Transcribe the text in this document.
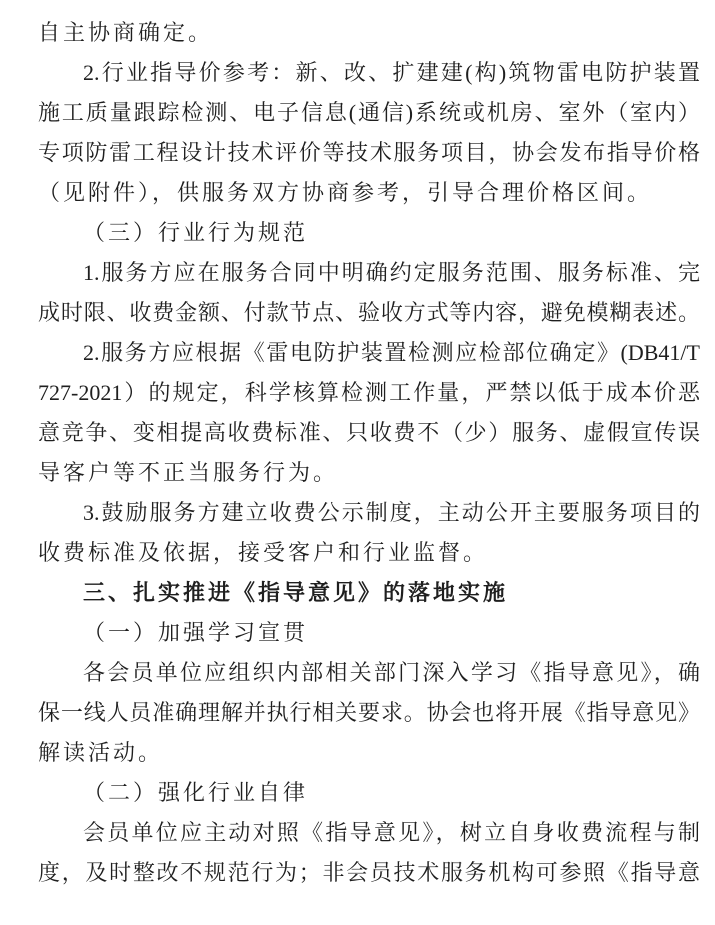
自主协商确定。

2.行业指导价参考：新、改、扩建建(构)筑物雷电防护装置

施工质量跟踪检测、电子信息(通信)系统或机房、室外（室内）

专项防雷工程设计技术评价等技术服务项目，协会发布指导价格

（见附件），供服务双方协商参考，引导合理价格区间。

（三）行业行为规范

1.服务方应在服务合同中明确约定服务范围、服务标准、完

成时限、收费金额、付款节点、验收方式等内容，避免模糊表述。

2.服务方应根据《雷电防护装置检测应检部位确定》(DB41/T

727-2021）的规定，科学核算检测工作量，严禁以低于成本价恶

意竞争、变相提高收费标准、只收费不（少）服务、虚假宣传误

导客户等不正当服务行为。

3.鼓励服务方建立收费公示制度，主动公开主要服务项目的

收费标准及依据，接受客户和行业监督。

三、扎实推进《指导意见》的落地实施

（一）加强学习宣贯

各会员单位应组织内部相关部门深入学习《指导意见》，确

保一线人员准确理解并执行相关要求。协会也将开展《指导意见》

解读活动。

（二）强化行业自律

会员单位应主动对照《指导意见》，树立自身收费流程与制

度，及时整改不规范行为；非会员技术服务机构可参照《指导意
